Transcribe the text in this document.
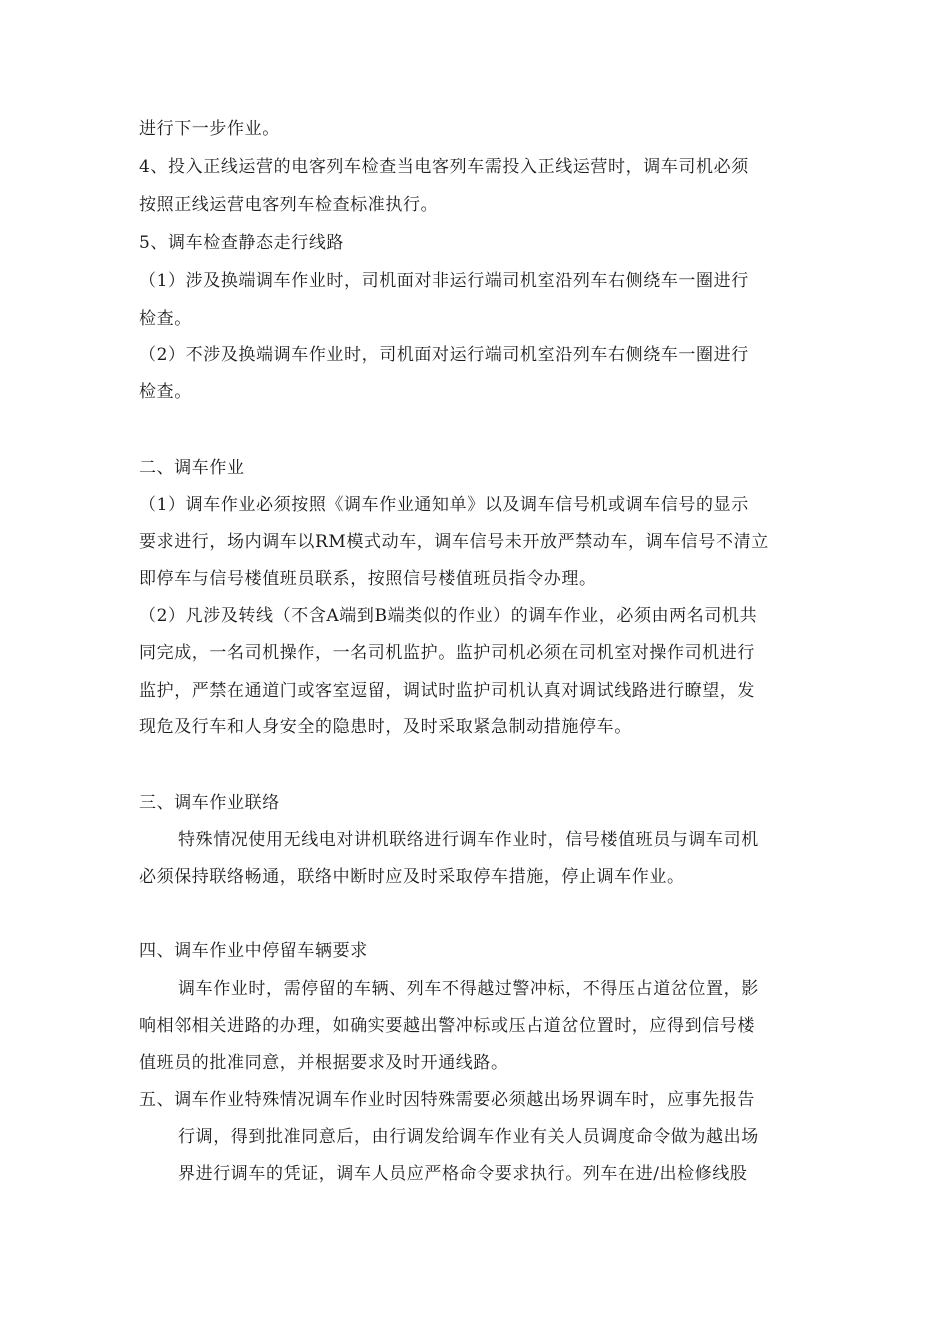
进行下一步作业。
4、投入正线运营的电客列车检查当电客列车需投入正线运营时，调车司机必须
按照正线运营电客列车检查标准执行。
5、调车检查静态走行线路
（1）涉及换端调车作业时，司机面对非运行端司机室沿列车右侧绕车一圈进行
检查。
（2）不涉及换端调车作业时，司机面对运行端司机室沿列车右侧绕车一圈进行
检查。
二、调车作业
（1）调车作业必须按照《调车作业通知单》以及调车信号机或调车信号的显示
要求进行，场内调车以RM模式动车，调车信号未开放严禁动车，调车信号不清立
即停车与信号楼值班员联系，按照信号楼值班员指令办理。
（2）凡涉及转线（不含A端到B端类似的作业）的调车作业，必须由两名司机共
同完成，一名司机操作，一名司机监护。监护司机必须在司机室对操作司机进行
监护，严禁在通道门或客室逗留，调试时监护司机认真对调试线路进行瞭望，发
现危及行车和人身安全的隐患时，及时采取紧急制动措施停车。
三、调车作业联络
特殊情况使用无线电对讲机联络进行调车作业时，信号楼值班员与调车司机
必须保持联络畅通，联络中断时应及时采取停车措施，停止调车作业。
四、调车作业中停留车辆要求
调车作业时，需停留的车辆、列车不得越过警冲标，不得压占道岔位置，影
响相邻相关进路的办理，如确实要越出警冲标或压占道岔位置时，应得到信号楼
值班员的批准同意，并根据要求及时开通线路。
五、调车作业特殊情况调车作业时因特殊需要必须越出场界调车时，应事先报告
行调，得到批准同意后，由行调发给调车作业有关人员调度命令做为越出场
界进行调车的凭证，调车人员应严格命令要求执行。列车在进/出检修线股
